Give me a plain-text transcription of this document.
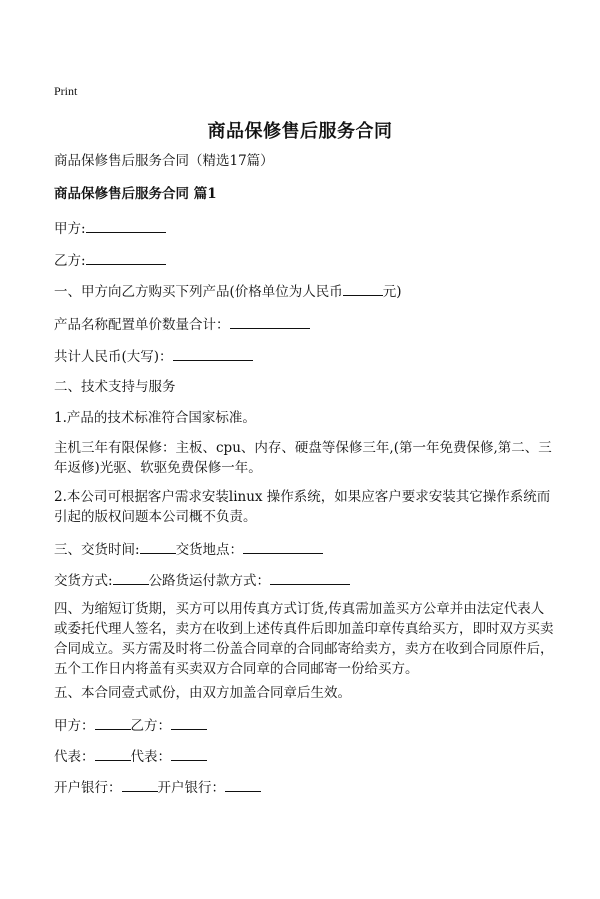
Print
商品保修售后服务合同
商品保修售后服务合同（精选17篇）
商品保修售后服务合同 篇1
甲方:
乙方:
一、甲方向乙方购买下列产品(价格单位为人民币	元)
产品名称配置单价数量合计：
共计人民币(大写)：
二、技术支持与服务
1.产品的技术标准符合国家标准。
主机三年有限保修：主板、cpu、内存、硬盘等保修三年,(第一年免费保修,第二、三年返修)光驱、软驱免费保修一年。
2.本公司可根据客户需求安装linux 操作系统，如果应客户要求安装其它操作系统而引起的版权问题本公司概不负责。
三、交货时间:	交货地点：
交货方式:	公路货运付款方式：
四、为缩短订货期，买方可以用传真方式订货,传真需加盖买方公章并由法定代表人或委托代理人签名，卖方在收到上述传真件后即加盖印章传真给买方，即时双方买卖合同成立。买方需及时将二份盖合同章的合同邮寄给卖方，卖方在收到合同原件后，五个工作日内将盖有买卖双方合同章的合同邮寄一份给买方。
五、本合同壹式贰份，由双方加盖合同章后生效。
甲方：	乙方：
代表：	代表：
开户银行：	开户银行：
